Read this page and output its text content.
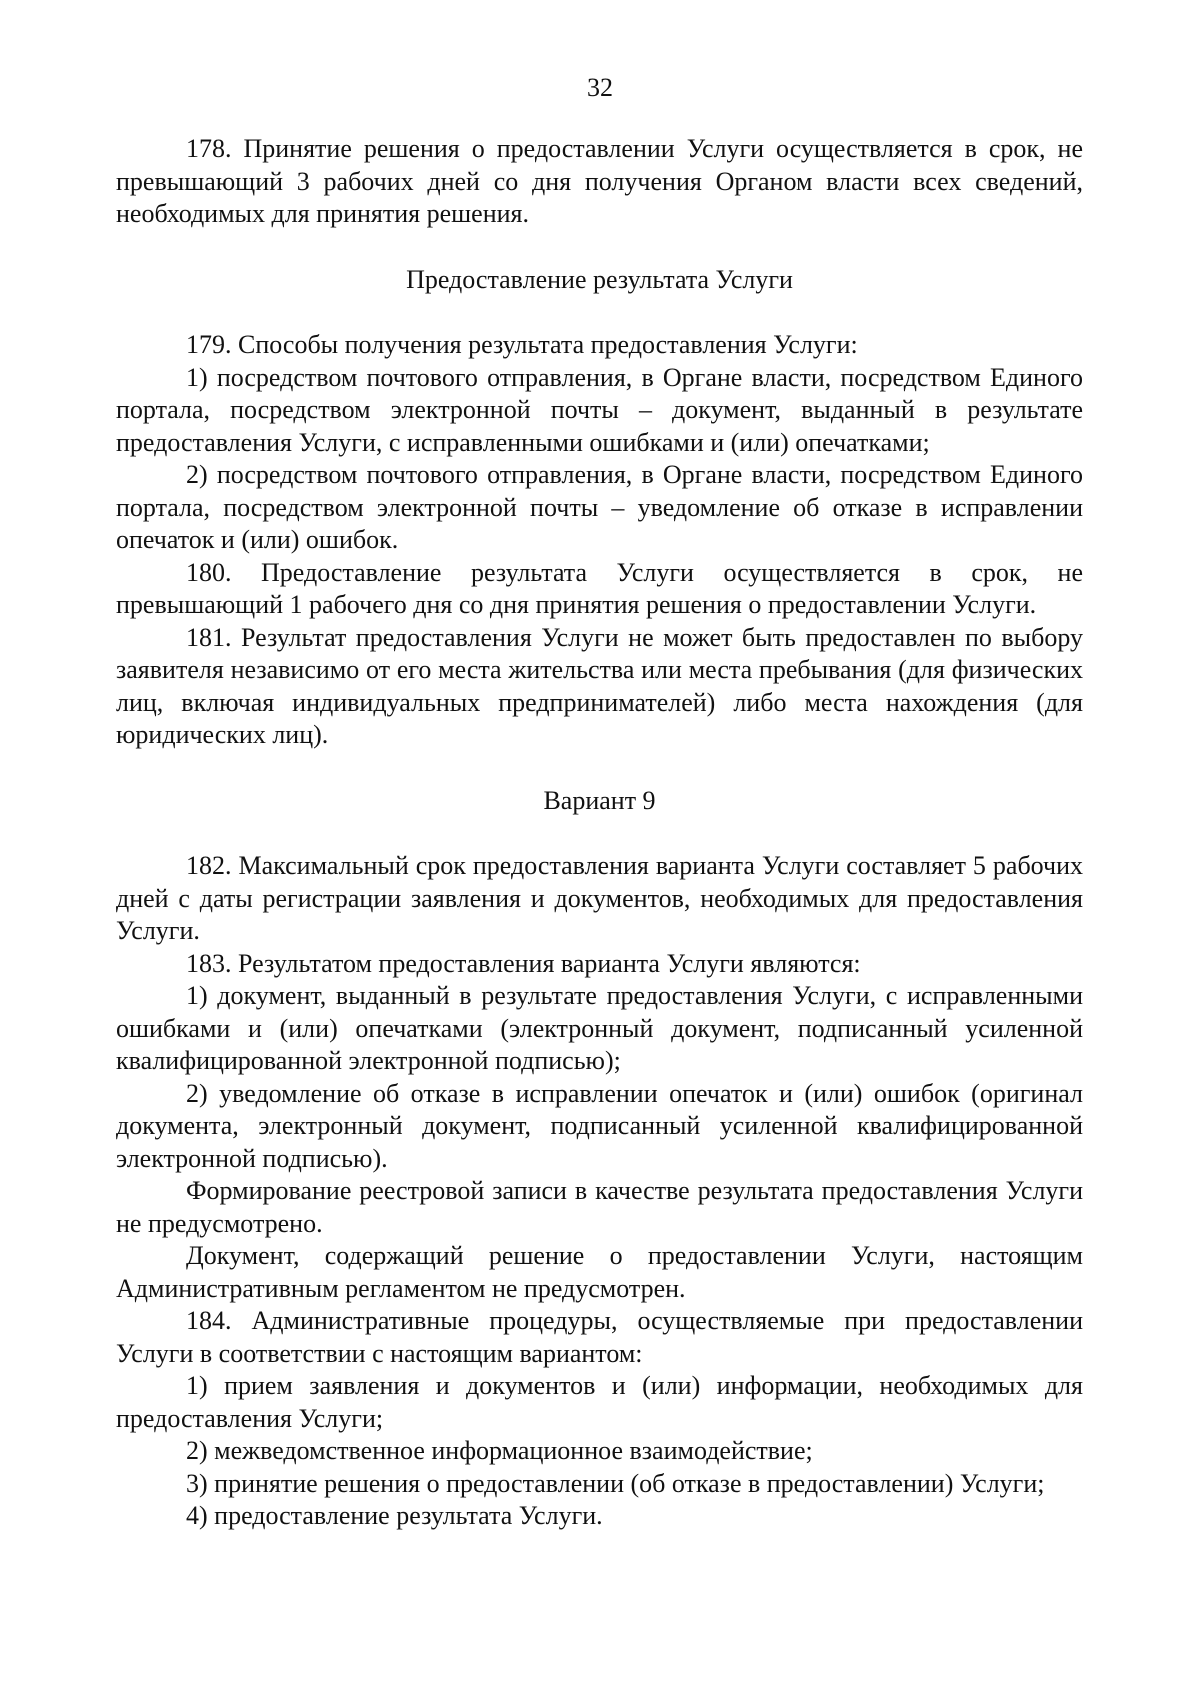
32

178. Принятие решения о предоставлении Услуги осуществляется в срок, не превышающий 3 рабочих дней со дня получения Органом власти всех сведений, необходимых для принятия решения.

Предоставление результата Услуги

179. Способы получения результата предоставления Услуги:

1) посредством почтового отправления, в Органе власти, посредством Единого портала, посредством электронной почты – документ, выданный в результате предоставления Услуги, с исправленными ошибками и (или) опечатками;

2) посредством почтового отправления, в Органе власти, посредством Единого портала, посредством электронной почты – уведомление об отказе в исправлении опечаток и (или) ошибок.

180. Предоставление результата Услуги осуществляется в срок, не превышающий 1 рабочего дня со дня принятия решения о предоставлении Услуги.

181. Результат предоставления Услуги не может быть предоставлен по выбору заявителя независимо от его места жительства или места пребывания (для физических лиц, включая индивидуальных предпринимателей) либо места нахождения (для юридических лиц).

Вариант 9

182. Максимальный срок предоставления варианта Услуги составляет 5 рабочих дней с даты регистрации заявления и документов, необходимых для предоставления Услуги.

183. Результатом предоставления варианта Услуги являются:

1) документ, выданный в результате предоставления Услуги, с исправленными ошибками и (или) опечатками (электронный документ, подписанный усиленной квалифицированной электронной подписью);

2) уведомление об отказе в исправлении опечаток и (или) ошибок (оригинал документа, электронный документ, подписанный усиленной квалифицированной электронной подписью).

Формирование реестровой записи в качестве результата предоставления Услуги не предусмотрено.

Документ, содержащий решение о предоставлении Услуги, настоящим Административным регламентом не предусмотрен.

184. Административные процедуры, осуществляемые при предоставлении Услуги в соответствии с настоящим вариантом:

1) прием заявления и документов и (или) информации, необходимых для предоставления Услуги;

2) межведомственное информационное взаимодействие;

3) принятие решения о предоставлении (об отказе в предоставлении) Услуги;

4) предоставление результата Услуги.
